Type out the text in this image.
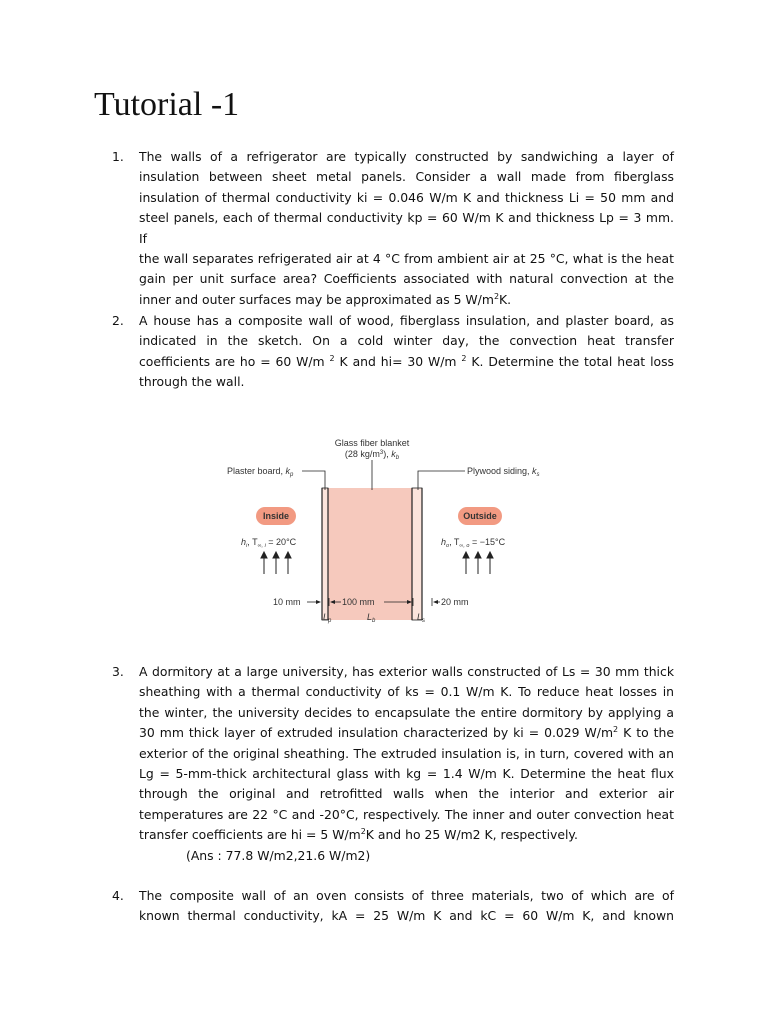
Tutorial -1
1.	The walls of a refrigerator are typically constructed by sandwiching a layer of
insulation between sheet metal panels. Consider a wall made from fiberglass
insulation of thermal conductivity ki = 0.046 W/m K and thickness Li = 50 mm and
steel panels, each of thermal conductivity kp = 60 W/m K and thickness Lp = 3 mm. If
the wall separates refrigerated air at 4 °C from ambient air at 25 °C, what is the heat
gain per unit surface area? Coefficients associated with natural convection at the
inner and outer surfaces may be approximated as 5 $W/m^2K$.
2.	A house has a composite wall of wood, fiberglass insulation, and plaster board, as
indicated in the sketch. On a cold winter day, the convection heat transfer
coefficients are ho = 60 W/m $^2$ K and hi= 30 W/m $^2$ K. Determine the total heat loss
through the wall.
Glass fiber blanket
(28 $kg/m^3$), $k_b$
Plaster board, $k_p$	Plywood siding, $k_s$
Inside
$h_i$, $T_{\infty, i} = 20^\circ C$
Outside
$h_o$, $T_{\infty, o} = -15^\circ C$
10 mm	100 mm	20 mm
$L_p$	$L_b$	$L_s$
3.	A dormitory at a large university, has exterior walls constructed of Ls = 30 mm thick
sheathing with a thermal conductivity of ks = 0.1 W/m K. To reduce heat losses in
the winter, the university decides to encapsulate the entire dormitory by applying a
30 mm thick layer of extruded insulation characterized by ki = 0.029 $W/m^2$ K to the
exterior of the original sheathing. The extruded insulation is, in turn, covered with an
Lg = 5-mm-thick architectural glass with kg = 1.4 W/m K. Determine the heat flux
through the original and retrofitted walls when the interior and exterior air
temperatures are 22 °C and -20°C, respectively. The inner and outer convection heat
transfer coefficients are hi = 5 $W/m^2K$ and ho 25 W/m2 K, respectively.
(Ans : 77.8 W/m2,21.6 W/m2)
4.	The composite wall of an oven consists of three materials, two of which are of
known thermal conductivity, kA = 25 W/m K and kC = 60 W/m K, and known
